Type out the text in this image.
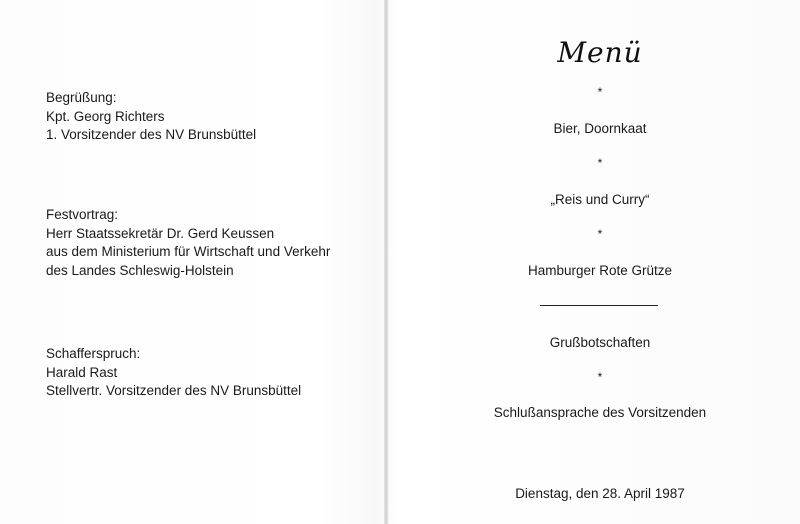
Begrüßung:
Kpt. Georg Richters
1. Vorsitzender des NV Brunsbüttel
Festvortrag:
Herr Staatssekretär Dr. Gerd Keussen
aus dem Ministerium für Wirtschaft und Verkehr
des Landes Schleswig-Holstein
Schafferspruch:
Harald Rast
Stellvertr. Vorsitzender des NV Brunsbüttel
Menü
*
Bier, Doornkaat
*
„Reis und Curry“
*
Hamburger Rote Grütze
Grußbotschaften
*
Schlußansprache des Vorsitzenden
Dienstag, den 28. April 1987
